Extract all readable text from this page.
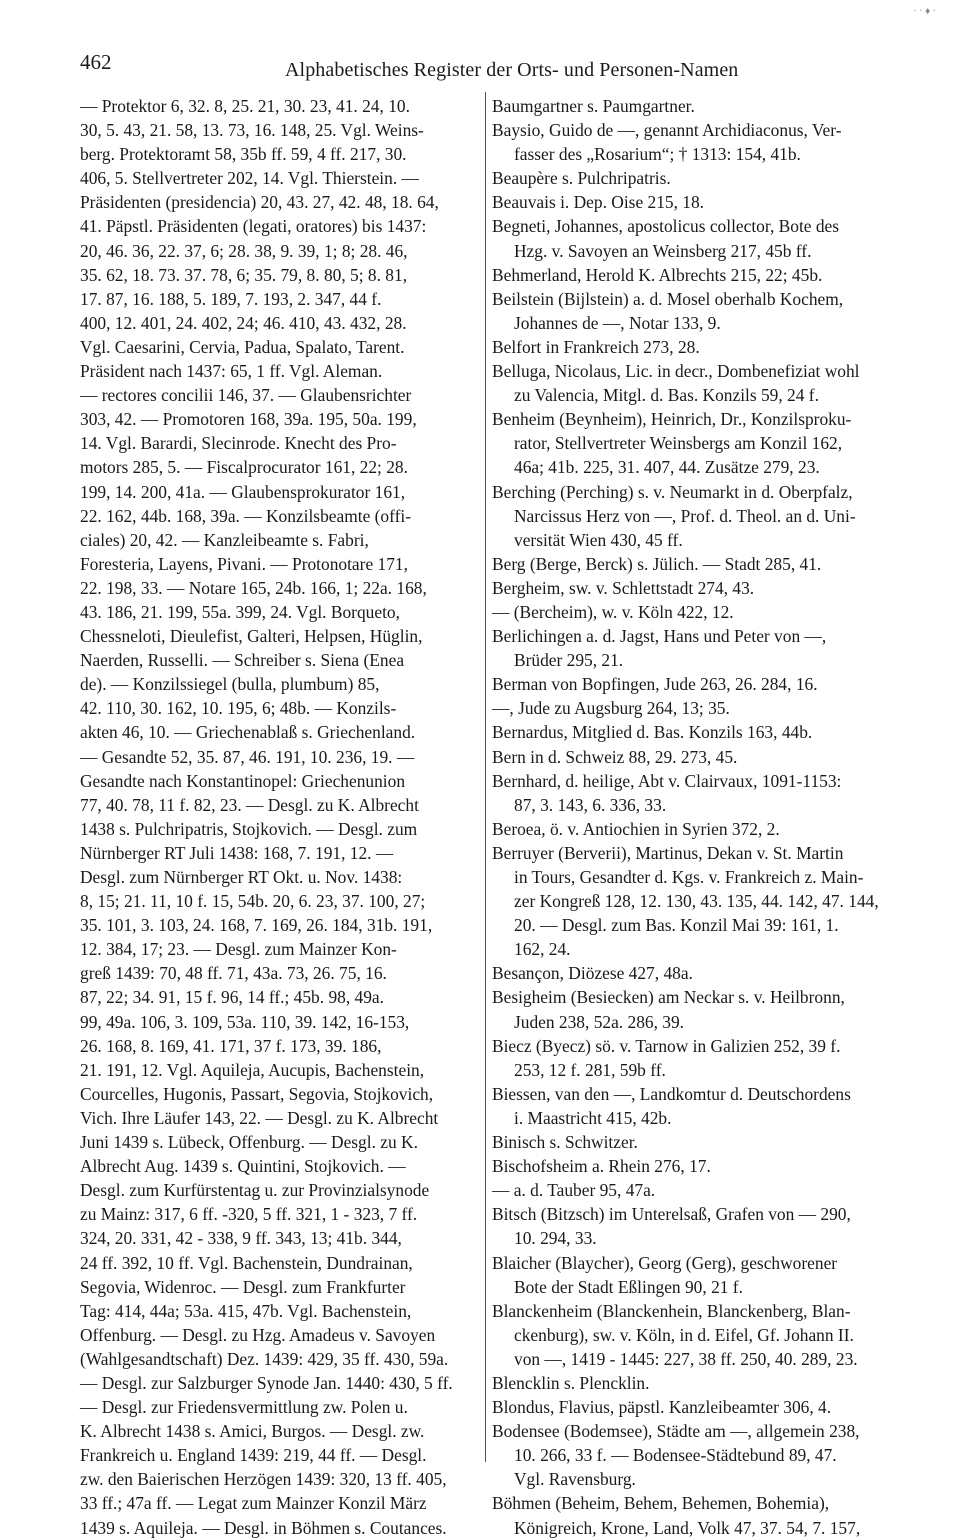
· · ♦ ·
462	Alphabetisches Register der Orts- und Personen-Namen
— Protektor 6, 32. 8, 25. 21, 30. 23, 41. 24, 10.
30, 5. 43, 21. 58, 13. 73, 16. 148, 25. Vgl. Weins-
berg. Protektoramt 58, 35b ff. 59, 4 ff. 217, 30.
406, 5. Stellvertreter 202, 14. Vgl. Thierstein. —
Präsidenten (presidencia) 20, 43. 27, 42. 48, 18. 64,
41. Päpstl. Präsidenten (legati, oratores) bis 1437:
20, 46. 36, 22. 37, 6; 28. 38, 9. 39, 1; 8; 28. 46,
35. 62, 18. 73. 37. 78, 6; 35. 79, 8. 80, 5; 8. 81,
17. 87, 16. 188, 5. 189, 7. 193, 2. 347, 44 f.
400, 12. 401, 24. 402, 24; 46. 410, 43. 432, 28.
Vgl. Caesarini, Cervia, Padua, Spalato, Tarent.
Präsident nach 1437: 65, 1 ff. Vgl. Aleman.
— rectores concilii 146, 37. — Glaubensrichter
303, 42. — Promotoren 168, 39a. 195, 50a. 199,
14. Vgl. Barardi, Slecinrode. Knecht des Pro-
motors 285, 5. — Fiscalprocurator 161, 22; 28.
199, 14. 200, 41a. — Glaubensprokurator 161,
22. 162, 44b. 168, 39a. — Konzilsbeamte (offi-
ciales) 20, 42. — Kanzleibeamte s. Fabri,
Foresteria, Layens, Pivani. — Protonotare 171,
22. 198, 33. — Notare 165, 24b. 166, 1; 22a. 168,
43. 186, 21. 199, 55a. 399, 24. Vgl. Borqueto,
Chessneloti, Dieulefist, Galteri, Helpsen, Hüglin,
Naerden, Russelli. — Schreiber s. Siena (Enea
de). — Konzilssiegel (bulla, plumbum) 85,
42. 110, 30. 162, 10. 195, 6; 48b. — Konzils-
akten 46, 10. — Griechenablaß s. Griechenland.
— Gesandte 52, 35. 87, 46. 191, 10. 236, 19. —
Gesandte nach Konstantinopel: Griechenunion
77, 40. 78, 11 f. 82, 23. — Desgl. zu K. Albrecht
1438 s. Pulchripatris, Stojkovich. — Desgl. zum
Nürnberger RT Juli 1438: 168, 7. 191, 12. —
Desgl. zum Nürnberger RT Okt. u. Nov. 1438:
8, 15; 21. 11, 10 f. 15, 54b. 20, 6. 23, 37. 100, 27;
35. 101, 3. 103, 24. 168, 7. 169, 26. 184, 31b. 191,
12. 384, 17; 23. — Desgl. zum Mainzer Kon-
greß 1439: 70, 48 ff. 71, 43a. 73, 26. 75, 16.
87, 22; 34. 91, 15 f. 96, 14 ff.; 45b. 98, 49a.
99, 49a. 106, 3. 109, 53a. 110, 39. 142, 16-153,
26. 168, 8. 169, 41. 171, 37 f. 173, 39. 186,
21. 191, 12. Vgl. Aquileja, Aucupis, Bachenstein,
Courcelles, Hugonis, Passart, Segovia, Stojkovich,
Vich. Ihre Läufer 143, 22. — Desgl. zu K. Albrecht
Juni 1439 s. Lübeck, Offenburg. — Desgl. zu K.
Albrecht Aug. 1439 s. Quintini, Stojkovich. —
Desgl. zum Kurfürstentag u. zur Provinzialsynode
zu Mainz: 317, 6 ff. -320, 5 ff. 321, 1 - 323, 7 ff.
324, 20. 331, 42 - 338, 9 ff. 343, 13; 41b. 344,
24 ff. 392, 10 ff. Vgl. Bachenstein, Dundrainan,
Segovia, Widenroc. — Desgl. zum Frankfurter
Tag: 414, 44a; 53a. 415, 47b. Vgl. Bachenstein,
Offenburg. — Desgl. zu Hzg. Amadeus v. Savoyen
(Wahlgesandtschaft) Dez. 1439: 429, 35 ff. 430, 59a.
— Desgl. zur Salzburger Synode Jan. 1440: 430, 5 ff.
— Desgl. zur Friedensvermittlung zw. Polen u.
K. Albrecht 1438 s. Amici, Burgos. — Desgl. zw.
Frankreich u. England 1439: 219, 44 ff. — Desgl.
zw. den Baierischen Herzögen 1439: 320, 13 ff. 405,
33 ff.; 47a ff. — Legat zum Mainzer Konzil März
1439 s. Aquileja. — Desgl. in Böhmen s. Coutances.
Baumgartner s. Paumgartner.
Baysio, Guido de —, genannt Archidiaconus, Ver-
fasser des „Rosarium“; † 1313: 154, 41b.
Beaupère s. Pulchripatris.
Beauvais i. Dep. Oise 215, 18.
Begneti, Johannes, apostolicus collector, Bote des
Hzg. v. Savoyen an Weinsberg 217, 45b ff.
Behmerland, Herold K. Albrechts 215, 22; 45b.
Beilstein (Bijlstein) a. d. Mosel oberhalb Kochem,
Johannes de —, Notar 133, 9.
Belfort in Frankreich 273, 28.
Belluga, Nicolaus, Lic. in decr., Dombenefiziat wohl
zu Valencia, Mitgl. d. Bas. Konzils 59, 24 f.
Benheim (Beynheim), Heinrich, Dr., Konzilsproku-
rator, Stellvertreter Weinsbergs am Konzil 162,
46a; 41b. 225, 31. 407, 44. Zusätze 279, 23.
Berching (Perching) s. v. Neumarkt in d. Oberpfalz,
Narcissus Herz von —, Prof. d. Theol. an d. Uni-
versität Wien 430, 45 ff.
Berg (Berge, Berck) s. Jülich. — Stadt 285, 41.
Bergheim, sw. v. Schlettstadt 274, 43.
— (Bercheim), w. v. Köln 422, 12.
Berlichingen a. d. Jagst, Hans und Peter von —,
Brüder 295, 21.
Berman von Bopfingen, Jude 263, 26. 284, 16.
—, Jude zu Augsburg 264, 13; 35.
Bernardus, Mitglied d. Bas. Konzils 163, 44b.
Bern in d. Schweiz 88, 29. 273, 45.
Bernhard, d. heilige, Abt v. Clairvaux, 1091-1153:
87, 3. 143, 6. 336, 33.
Beroea, ö. v. Antiochien in Syrien 372, 2.
Berruyer (Berverii), Martinus, Dekan v. St. Martin
in Tours, Gesandter d. Kgs. v. Frankreich z. Main-
zer Kongreß 128, 12. 130, 43. 135, 44. 142, 47. 144,
20. — Desgl. zum Bas. Konzil Mai 39: 161, 1.
162, 24.
Besançon, Diözese 427, 48a.
Besigheim (Besiecken) am Neckar s. v. Heilbronn,
Juden 238, 52a. 286, 39.
Biecz (Byecz) sö. v. Tarnow in Galizien 252, 39 f.
253, 12 f. 281, 59b ff.
Biessen, van den —, Landkomtur d. Deutschordens
i. Maastricht 415, 42b.
Binisch s. Schwitzer.
Bischofsheim a. Rhein 276, 17.
— a. d. Tauber 95, 47a.
Bitsch (Bitzsch) im Unterelsaß, Grafen von — 290,
10. 294, 33.
Blaicher (Blaycher), Georg (Gerg), geschworener
Bote der Stadt Eßlingen 90, 21 f.
Blanckenheim (Blanckenhein, Blanckenberg, Blan-
ckenburg), sw. v. Köln, in d. Eifel, Gf. Johann II.
von —, 1419 - 1445: 227, 38 ff. 250, 40. 289, 23.
Blencklin s. Plencklin.
Blondus, Flavius, päpstl. Kanzleibeamter 306, 4.
Bodensee (Bodemsee), Städte am —, allgemein 238,
10. 266, 33 f. — Bodensee-Städtebund 89, 47.
Vgl. Ravensburg.
Böhmen (Beheim, Behem, Behemen, Bohemia),
Königreich, Krone, Land, Volk 47, 37. 54, 7. 157,
